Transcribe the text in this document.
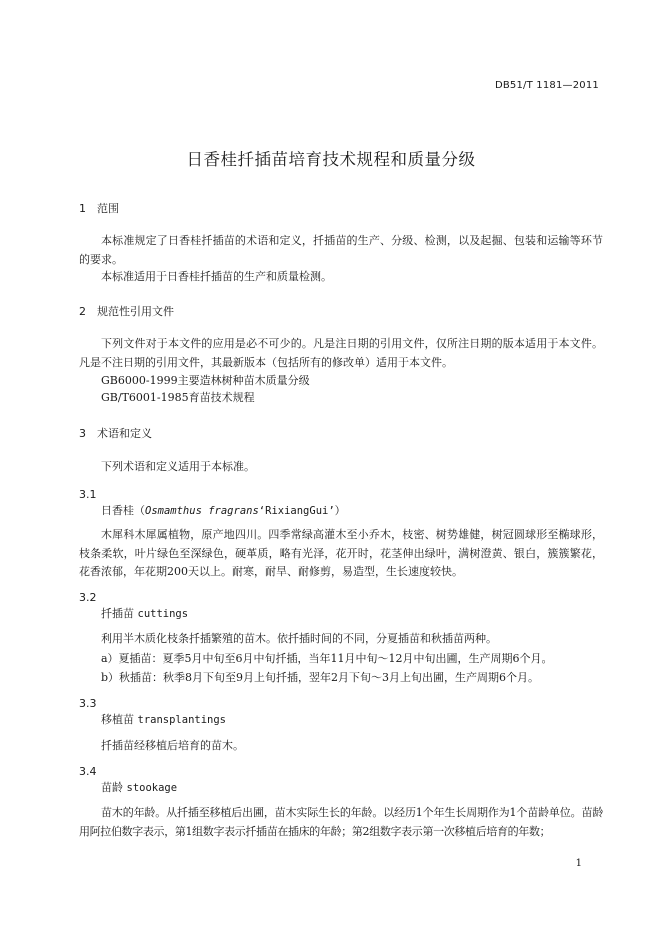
DB51/T 1181—2011
日香桂扦插苗培育技术规程和质量分级
1 范围
本标准规定了日香桂扦插苗的术语和定义，扦插苗的生产、分级、检测，以及起掘、包装和运输等环节的要求。
本标准适用于日香桂扦插苗的生产和质量检测。
2 规范性引用文件
下列文件对于本文件的应用是必不可少的。凡是注日期的引用文件，仅所注日期的版本适用于本文件。凡是不注日期的引用文件，其最新版本（包括所有的修改单）适用于本文件。
GB6000-1999主要造林树种苗木质量分级
GB/T6001-1985育苗技术规程
3 术语和定义
下列术语和定义适用于本标准。
3.1
日香桂（Osmamthus fragrans‘RixiangGui’）
木犀科木犀属植物，原产地四川。四季常绿高灌木至小乔木，枝密、树势雄健，树冠圆球形至椭球形，枝条柔软，叶片绿色至深绿色，硬革质，略有光泽，花开时，花茎伸出绿叶，满树澄黄、银白，簇簇繁花，花香浓郁，年花期200天以上。耐寒，耐旱、耐修剪，易造型，生长速度较快。
3.2
扦插苗 cuttings
利用半木质化枝条扦插繁殖的苗木。依扦插时间的不同，分夏插苗和秋插苗两种。
a）夏插苗：夏季5月中旬至6月中旬扦插，当年11月中旬～12月中旬出圃，生产周期6个月。
b）秋插苗：秋季8月下旬至9月上旬扦插，翌年2月下旬～3月上旬出圃，生产周期6个月。
3.3
移植苗 transplantings
扦插苗经移植后培育的苗木。
3.4
苗龄 stookage
苗木的年龄。从扦插至移植后出圃，苗木实际生长的年龄。以经历1个年生长周期作为1个苗龄单位。苗龄用阿拉伯数字表示，第1组数字表示扦插苗在插床的年龄；第2组数字表示第一次移植后培育的年数；
1
